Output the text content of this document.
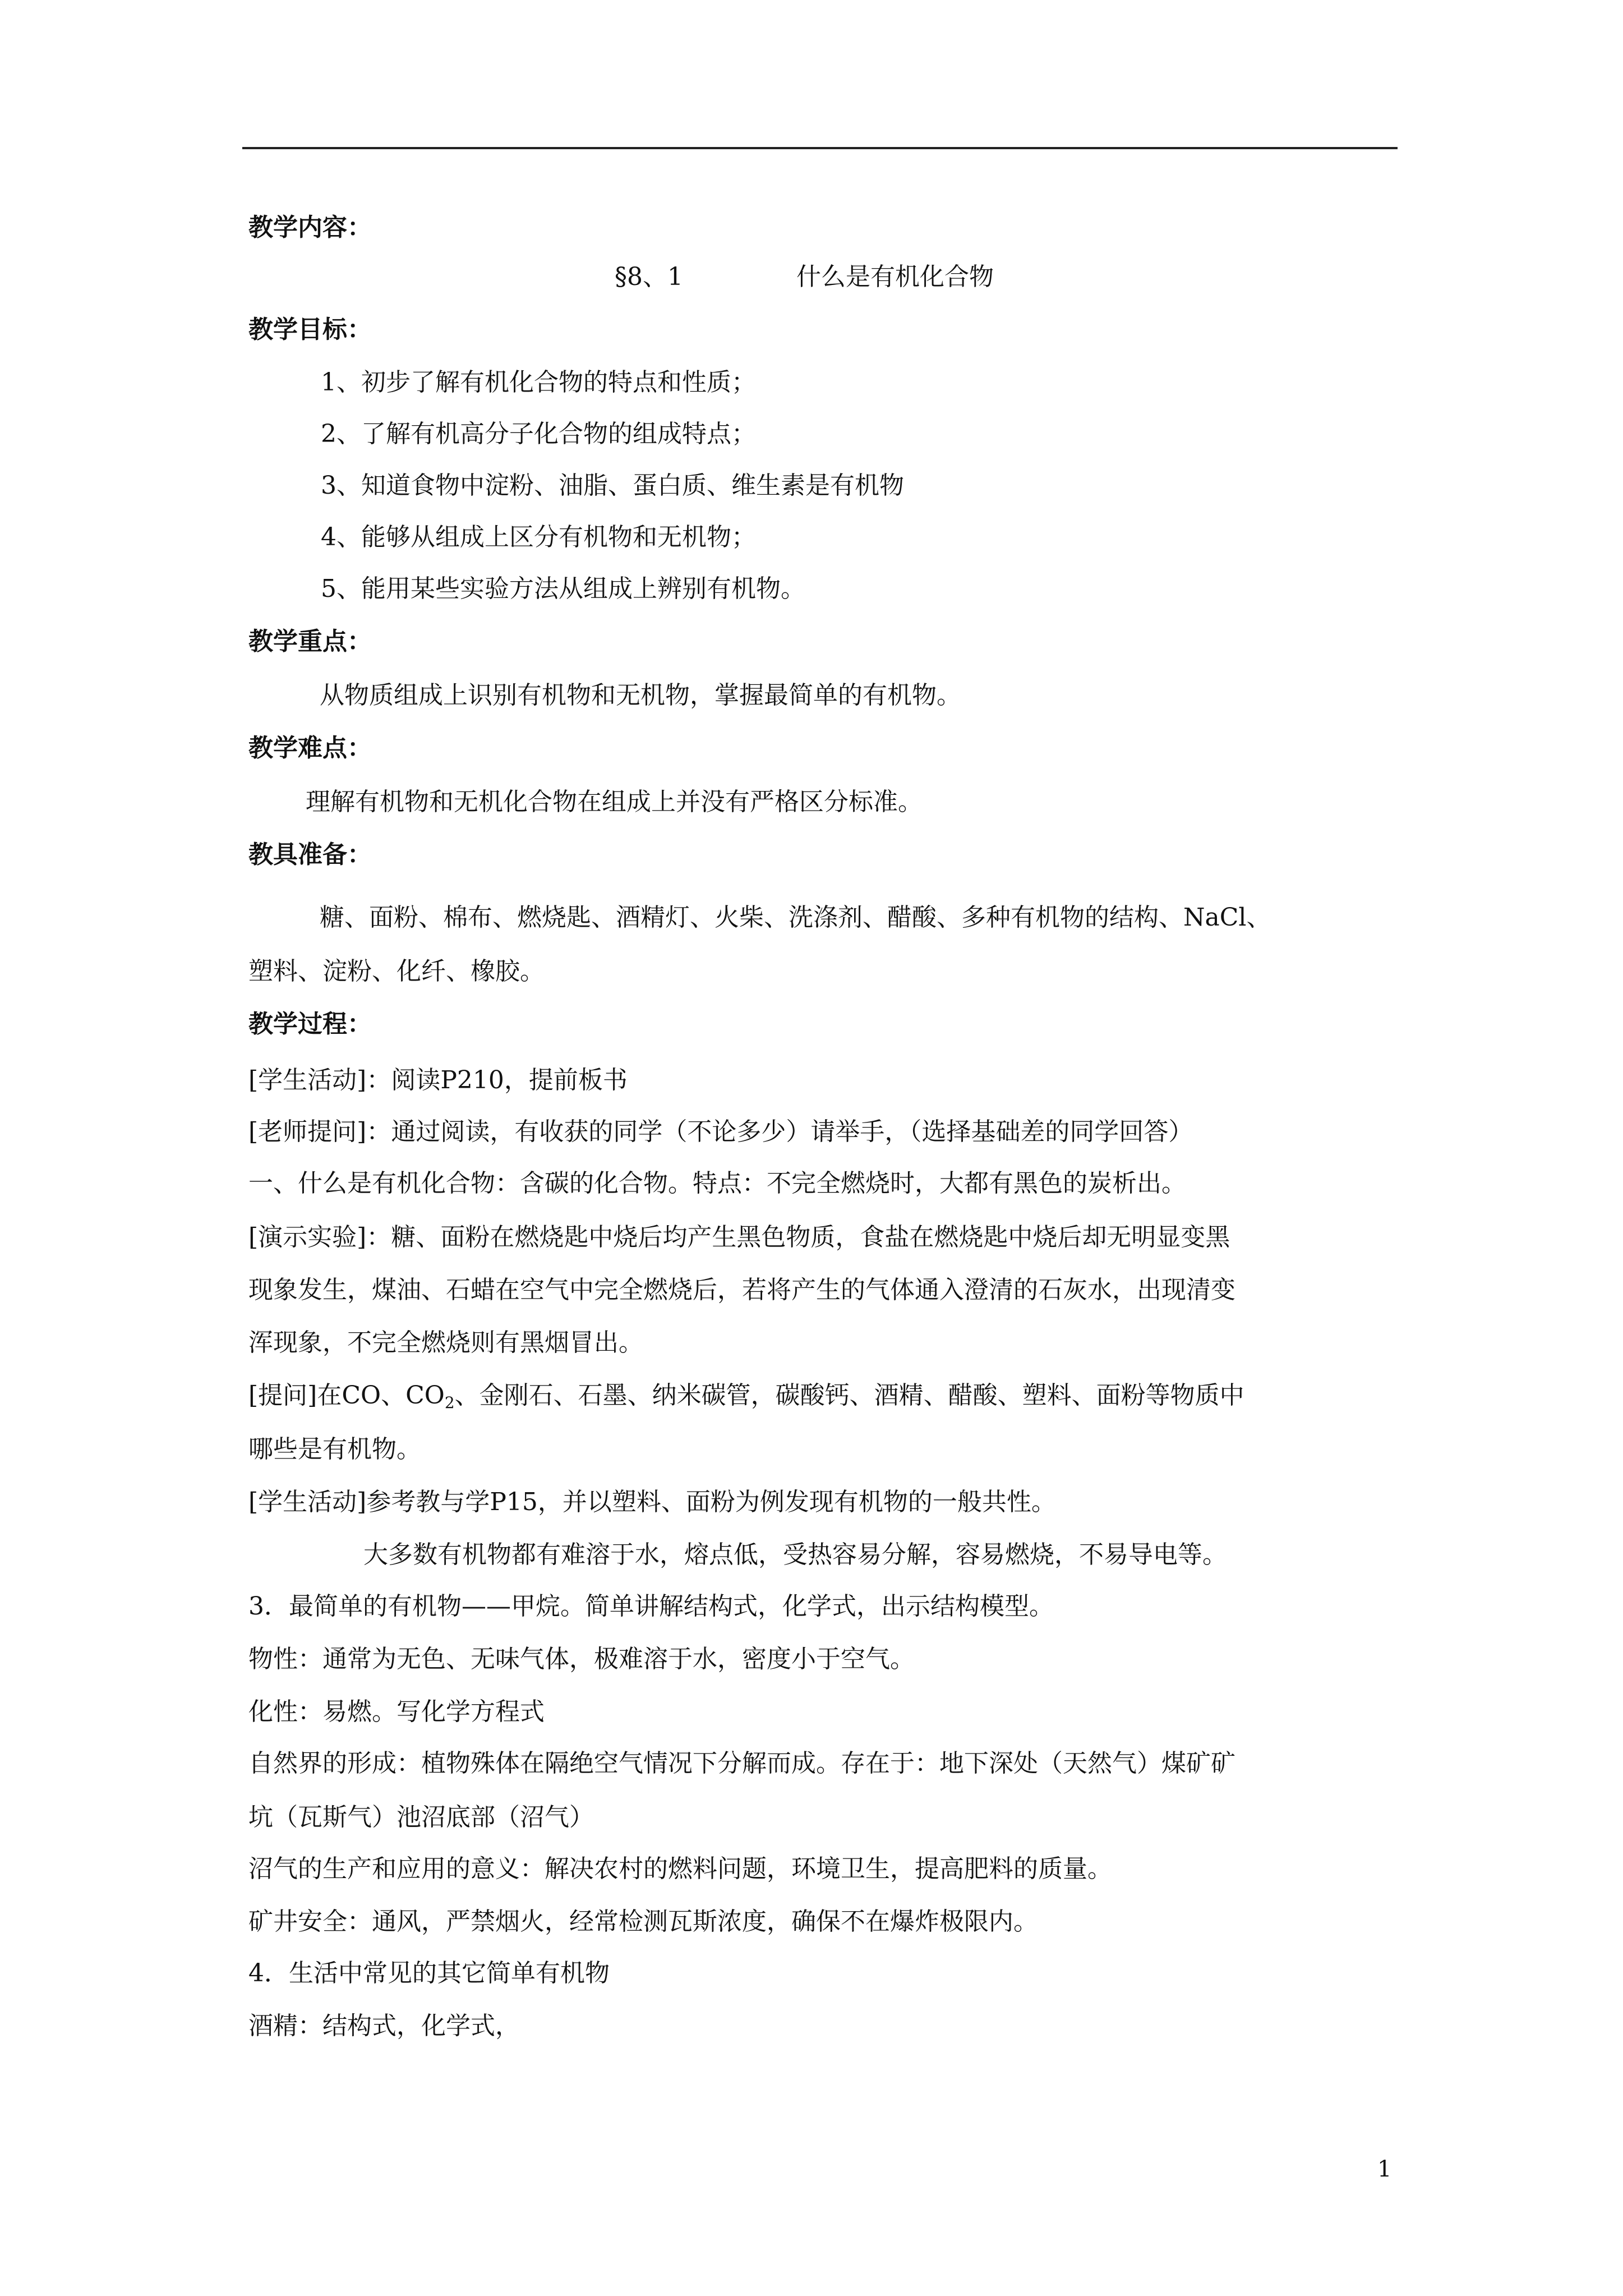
教学内容：
§8、1	什么是有机化合物
教学目标：
1、初步了解有机化合物的特点和性质；
2、了解有机高分子化合物的组成特点；
3、知道食物中淀粉、油脂、蛋白质、维生素是有机物
4、能够从组成上区分有机物和无机物；
5、能用某些实验方法从组成上辨别有机物。
教学重点：
从物质组成上识别有机物和无机物，掌握最简单的有机物。
教学难点：
理解有机物和无机化合物在组成上并没有严格区分标准。
教具准备：
糖、面粉、棉布、燃烧匙、酒精灯、火柴、洗涤剂、醋酸、多种有机物的结构、NaCl、
塑料、淀粉、化纤、橡胶。
教学过程：
[学生活动]：阅读P210，提前板书
[老师提问]：通过阅读，有收获的同学（不论多少）请举手，（选择基础差的同学回答）
一、什么是有机化合物：含碳的化合物。特点：不完全燃烧时，大都有黑色的炭析出。
[演示实验]：糖、面粉在燃烧匙中烧后均产生黑色物质，食盐在燃烧匙中烧后却无明显变黑
现象发生，煤油、石蜡在空气中完全燃烧后，若将产生的气体通入澄清的石灰水，出现清变
浑现象，不完全燃烧则有黑烟冒出。
[提问]在CO、$CO_2$、金刚石、石墨、纳米碳管，碳酸钙、酒精、醋酸、塑料、面粉等物质中
哪些是有机物。
[学生活动]参考教与学P15，并以塑料、面粉为例发现有机物的一般共性。
大多数有机物都有难溶于水，熔点低，受热容易分解，容易燃烧，不易导电等。
3．最简单的有机物——甲烷。简单讲解结构式，化学式，出示结构模型。
物性：通常为无色、无味气体，极难溶于水，密度小于空气。
化性：易燃。写化学方程式
自然界的形成：植物殊体在隔绝空气情况下分解而成。存在于：地下深处（天然气）煤矿矿
坑（瓦斯气）池沼底部（沼气）
沼气的生产和应用的意义：解决农村的燃料问题，环境卫生，提高肥料的质量。
矿井安全：通风，严禁烟火，经常检测瓦斯浓度，确保不在爆炸极限内。
4．生活中常见的其它简单有机物
酒精：结构式，化学式，
1
